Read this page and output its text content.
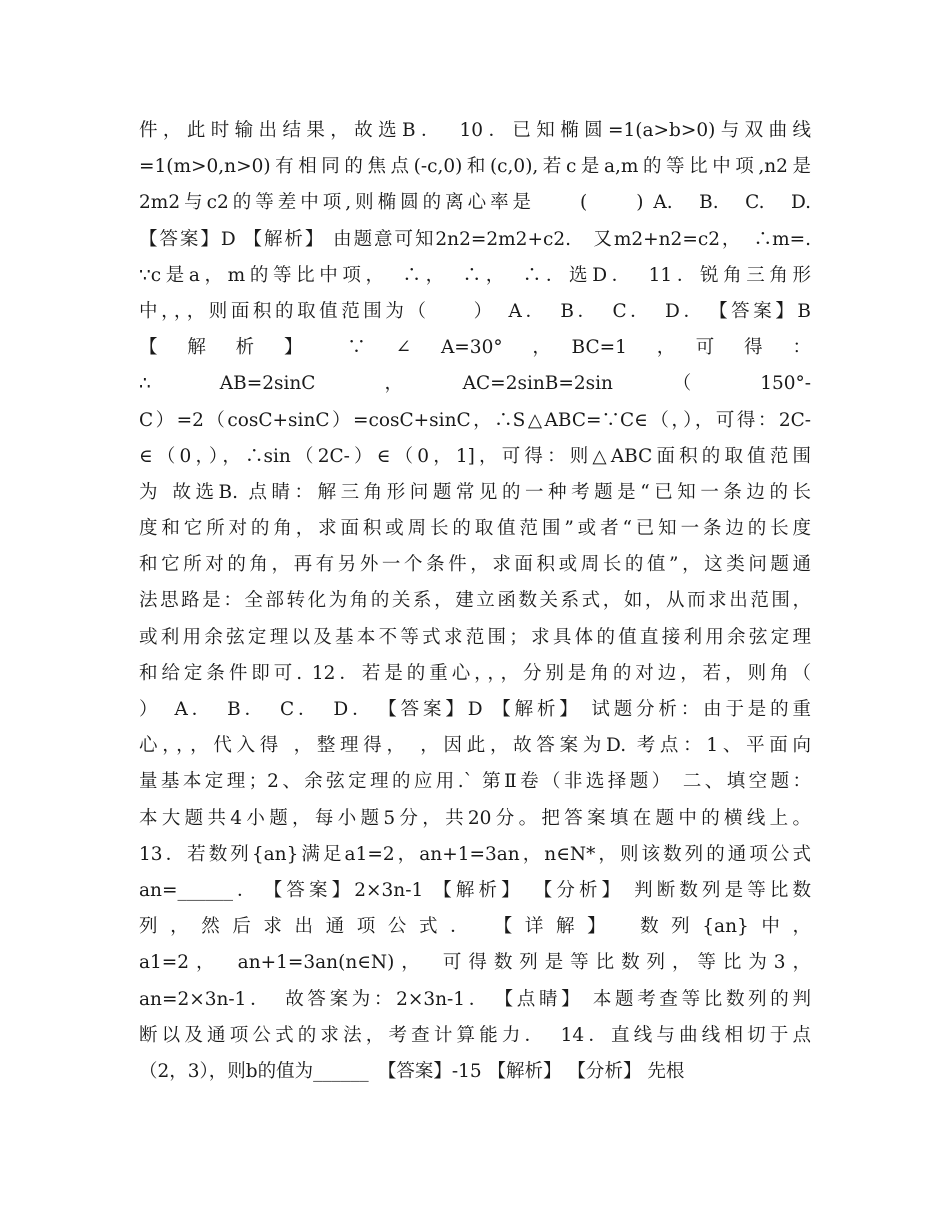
件，此时输出结果，故选B．　10．已知椭圆=1(a>b>0)与双曲线
=1(m>0,n>0)有相同的焦点(-c,0)和(c,0),若c是a,m的等比中项,n2是
2m2与c2的等差中项,则椭圆的离心率是　　(　　) A.　B.　C.　D.
【答案】D 【解析】 由题意可知2n2=2m2+c2.　又m2+n2=c2，　∴m=.
∵c是a，m的等比中项，　∴，　∴，　∴．选D．　11．锐角三角形
中，，，则面积的取值范围为（　　）　A．　B．　C．　D．　【答案】B
【　解　析　】　　∵　∠　A=30°　，　BC=1　，　可　得　：
∴　　AB=2sinC　　，　　AC=2sinB=2sin　　（　　150°-
C）=2（cosC+sinC）=cosC+sinC，∴S△ABC=∵C∈（，），可得：2C-
∈（0，），∴sin（2C-）∈（0，1]，可得：则△ABC面积的取值范围
为 故选B. 点睛：解三角形问题常见的一种考题是“已知一条边的长
度和它所对的角，求面积或周长的取值范围”或者“已知一条边的长度
和它所对的角，再有另外一个条件，求面积或周长的值”，这类问题通
法思路是：全部转化为角的关系，建立函数关系式，如，从而求出范围，
或利用余弦定理以及基本不等式求范围；求具体的值直接利用余弦定理
和给定条件即可. 12．若是的重心，，，分别是角的对边，若，则角（
）　A．　B．　C．　D．　【答案】D 【解析】 试题分析：由于是的重
心，，，代入得 ，整理得， ，因此，故答案为D. 考点：1、平面向
量基本定理；2、余弦定理的应用.` 第Ⅱ卷（非选择题） 二、填空题：
本大题共4小题，每小题5分，共20分。把答案填在题中的横线上。
13．若数列{an}满足a1=2，an+1=3an，n∈N*，则该数列的通项公式
an=______．　【答案】2×3n-1 【解析】 【分析】 判断数列是等比数
列，然后求出通项公式．　【详解】　数列{an}中，
a1=2，　an+1=3an(n∈N)，　可得数列是等比数列，等比为3，
an=2×3n-1．　故答案为：2×3n-1．　【点睛】 本题考查等比数列的判
断以及通项公式的求法，考查计算能力．　14．直线与曲线相切于点
（2，3），则b的值为______　【答案】-15 【解析】 【分析】 先根
